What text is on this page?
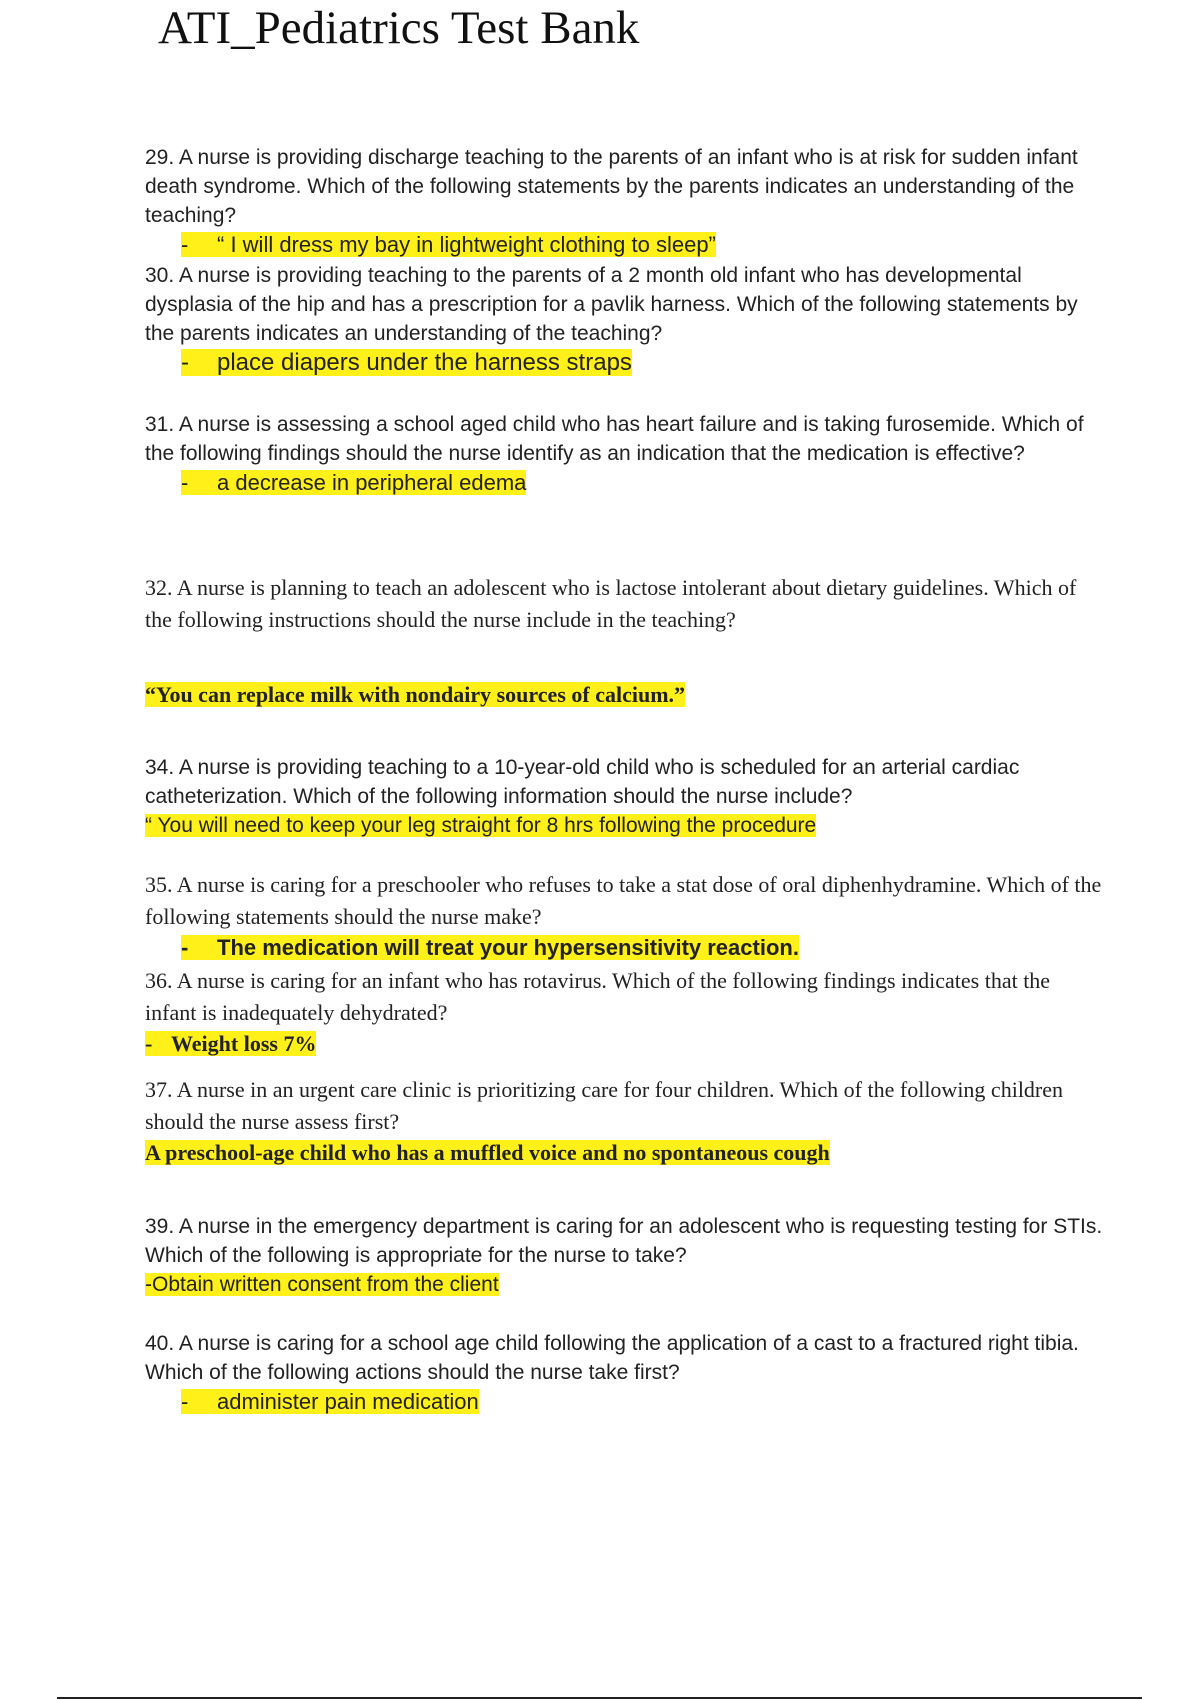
ATI_Pediatrics Test Bank

29. A nurse is providing discharge teaching to the parents of an infant who is at risk for sudden infant death syndrome. Which of the following statements by the parents indicates an understanding of the teaching?

- “ I will dress my bay in lightweight clothing to sleep”

30. A nurse is providing teaching to the parents of a 2 month old infant who has developmental dysplasia of the hip and has a prescription for a pavlik harness. Which of the following statements by the parents indicates an understanding of the teaching?

- place diapers under the harness straps

31. A nurse is assessing a school aged child who has heart failure and is taking furosemide. Which of the following findings should the nurse identify as an indication that the medication is effective?

- a decrease in peripheral edema

32. A nurse is planning to teach an adolescent who is lactose intolerant about dietary guidelines. Which of the following instructions should the nurse include in the teaching?

“You can replace milk with nondairy sources of calcium.”

34. A nurse is providing teaching to a 10-year-old child who is scheduled for an arterial cardiac catheterization. Which of the following information should the nurse include?

“ You will need to keep your leg straight for 8 hrs following the procedure

35. A nurse is caring for a preschooler who refuses to take a stat dose of oral diphenhydramine. Which of the following statements should the nurse make?

- The medication will treat your hypersensitivity reaction.

36. A nurse is caring for an infant who has rotavirus. Which of the following findings indicates that the infant is inadequately dehydrated?

- Weight loss 7%

37. A nurse in an urgent care clinic is prioritizing care for four children. Which of the following children should the nurse assess first?

A preschool-age child who has a muffled voice and no spontaneous cough

39. A nurse in the emergency department is caring for an adolescent who is requesting testing for STIs. Which of the following is appropriate for the nurse to take?

-Obtain written consent from the client

40. A nurse is caring for a school age child following the application of a cast to a fractured right tibia. Which of the following actions should the nurse take first?

- administer pain medication
